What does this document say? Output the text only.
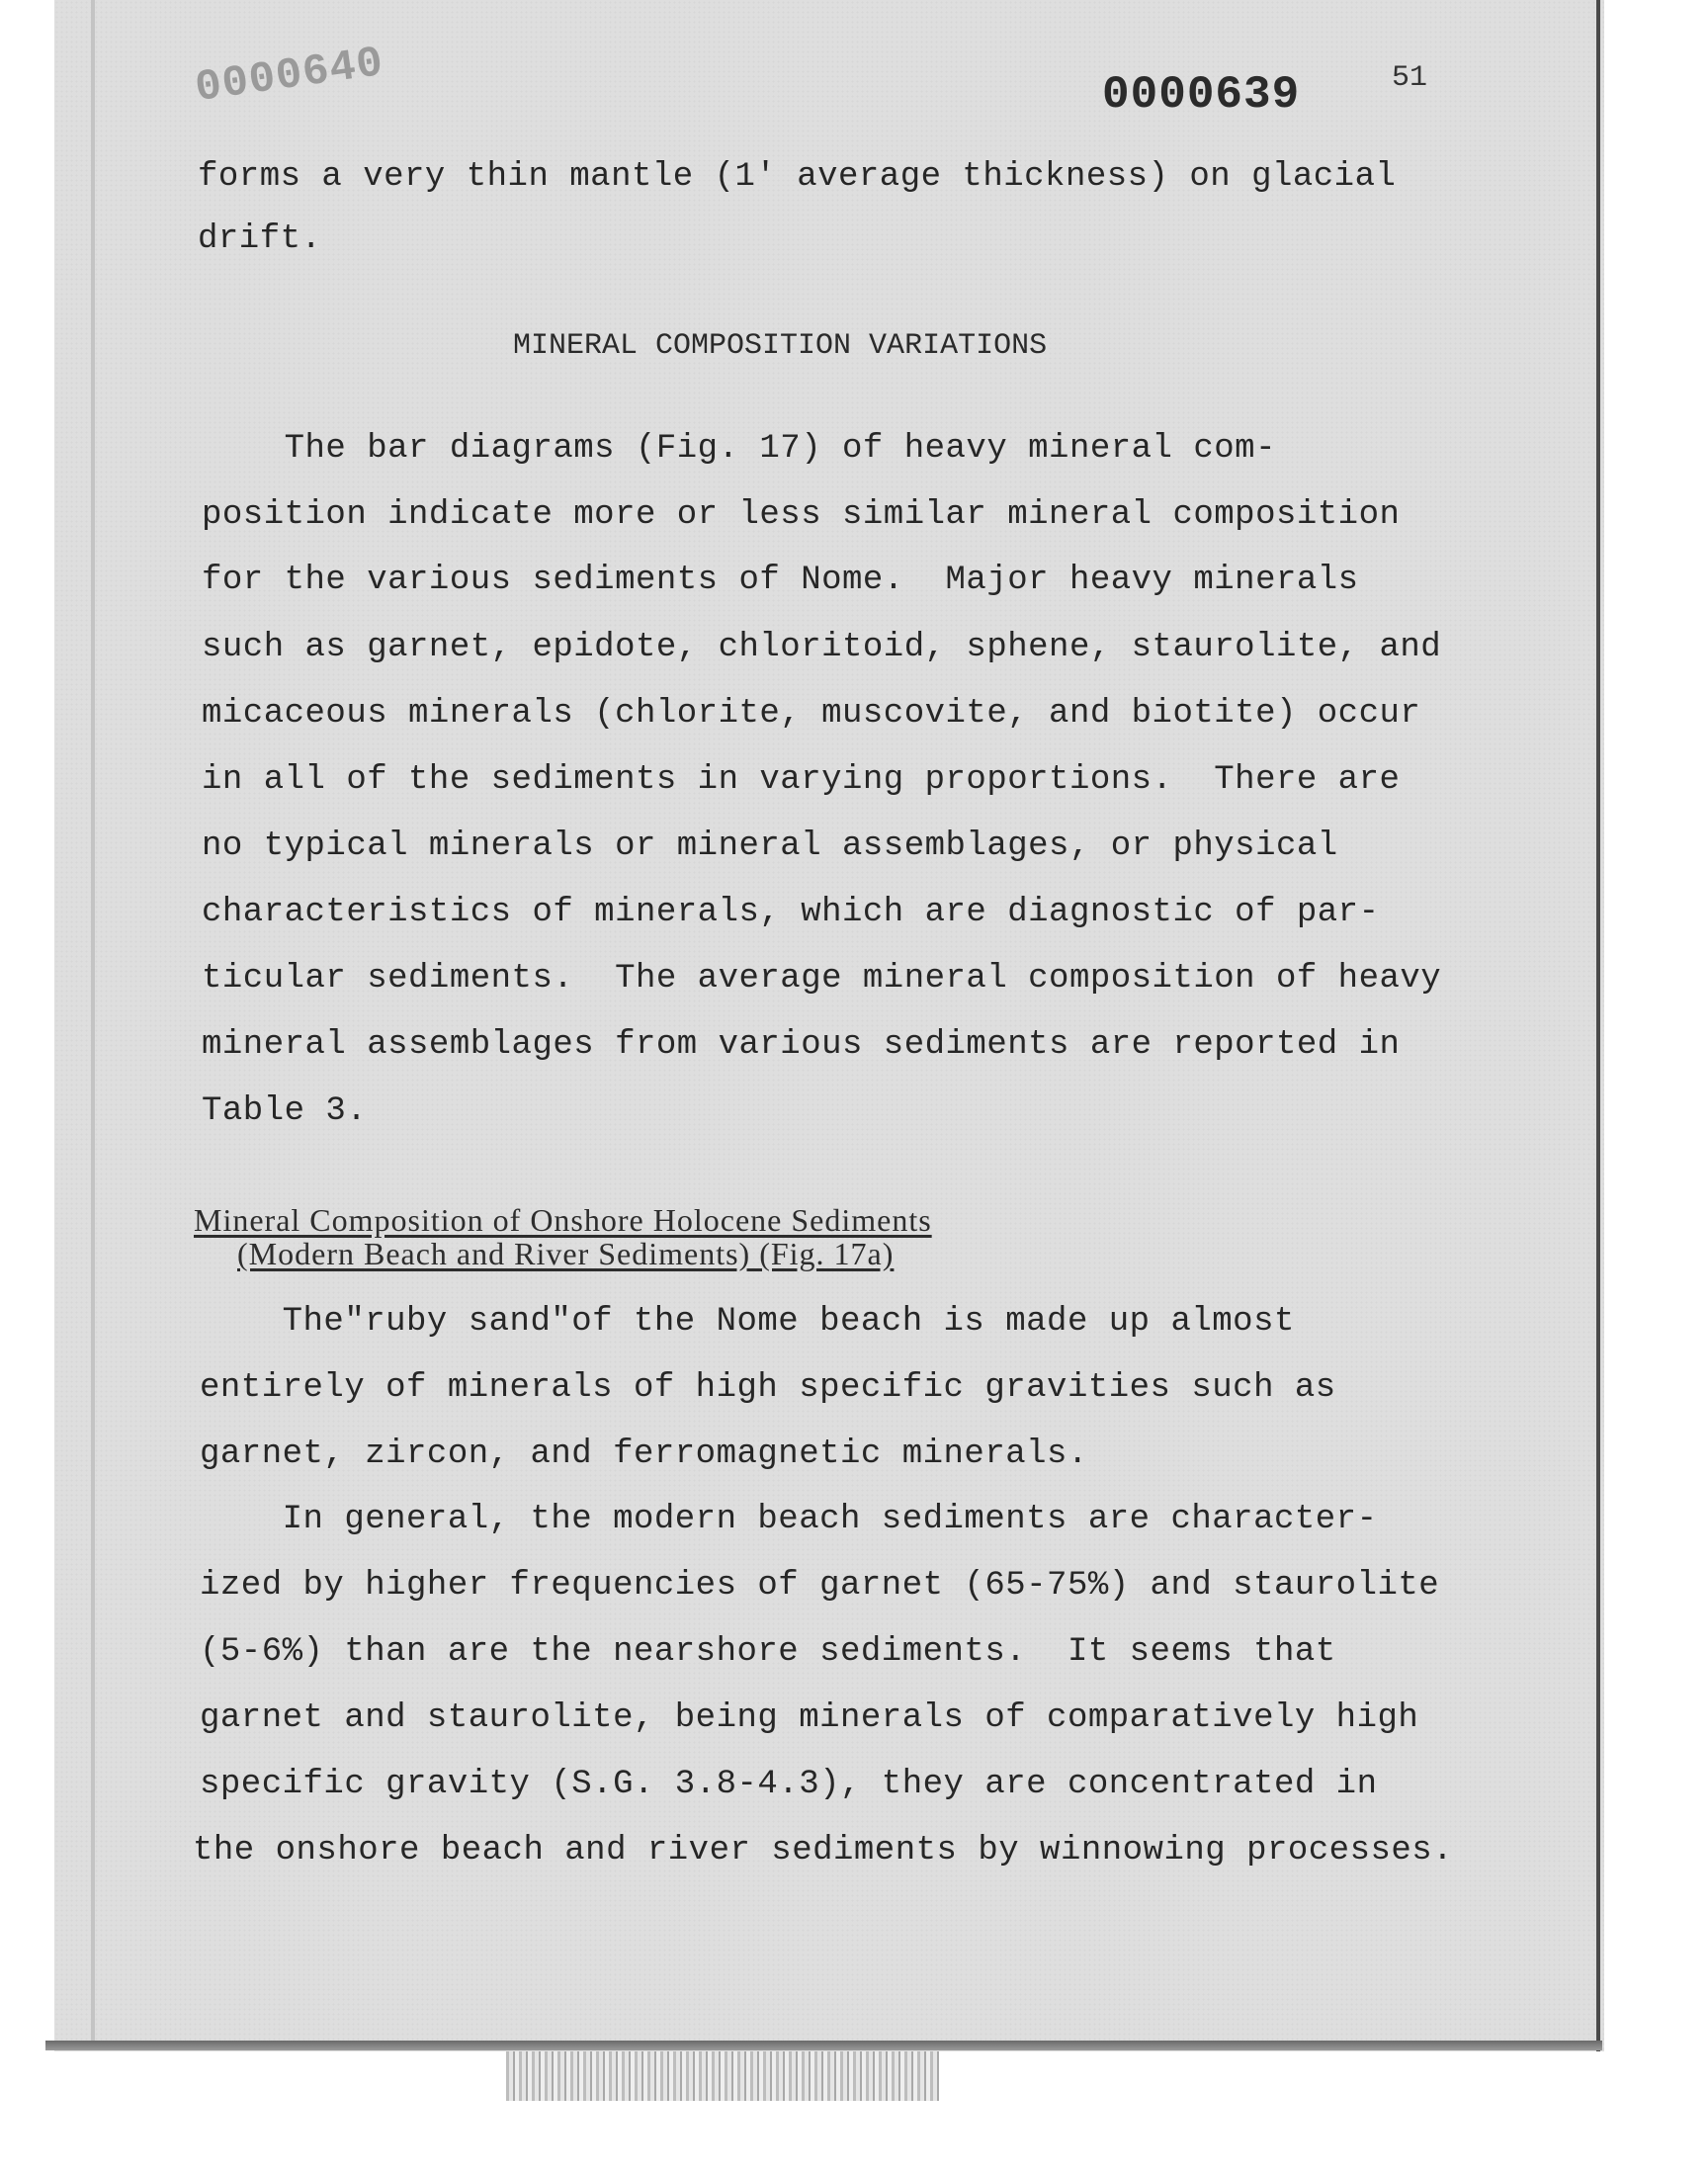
0000640	0000639	51
forms a very thin mantle (1' average thickness) on glacial
drift.
MINERAL COMPOSITION VARIATIONS
The bar diagrams (Fig. 17) of heavy mineral com-
position indicate more or less similar mineral composition
for the various sediments of Nome.  Major heavy minerals
such as garnet, epidote, chloritoid, sphene, staurolite, and
micaceous minerals (chlorite, muscovite, and biotite) occur
in all of the sediments in varying proportions.  There are
no typical minerals or mineral assemblages, or physical
characteristics of minerals, which are diagnostic of par-
ticular sediments.  The average mineral composition of heavy
mineral assemblages from various sediments are reported in
Table 3.
Mineral Composition of Onshore Holocene Sediments
(Modern Beach and River Sediments) (Fig. 17a)
The"ruby sand"of the Nome beach is made up almost
entirely of minerals of high specific gravities such as
garnet, zircon, and ferromagnetic minerals.
In general, the modern beach sediments are character-
ized by higher frequencies of garnet (65-75%) and staurolite
(5-6%) than are the nearshore sediments.  It seems that
garnet and staurolite, being minerals of comparatively high
specific gravity (S.G. 3.8-4.3), they are concentrated in
the onshore beach and river sediments by winnowing processes.
